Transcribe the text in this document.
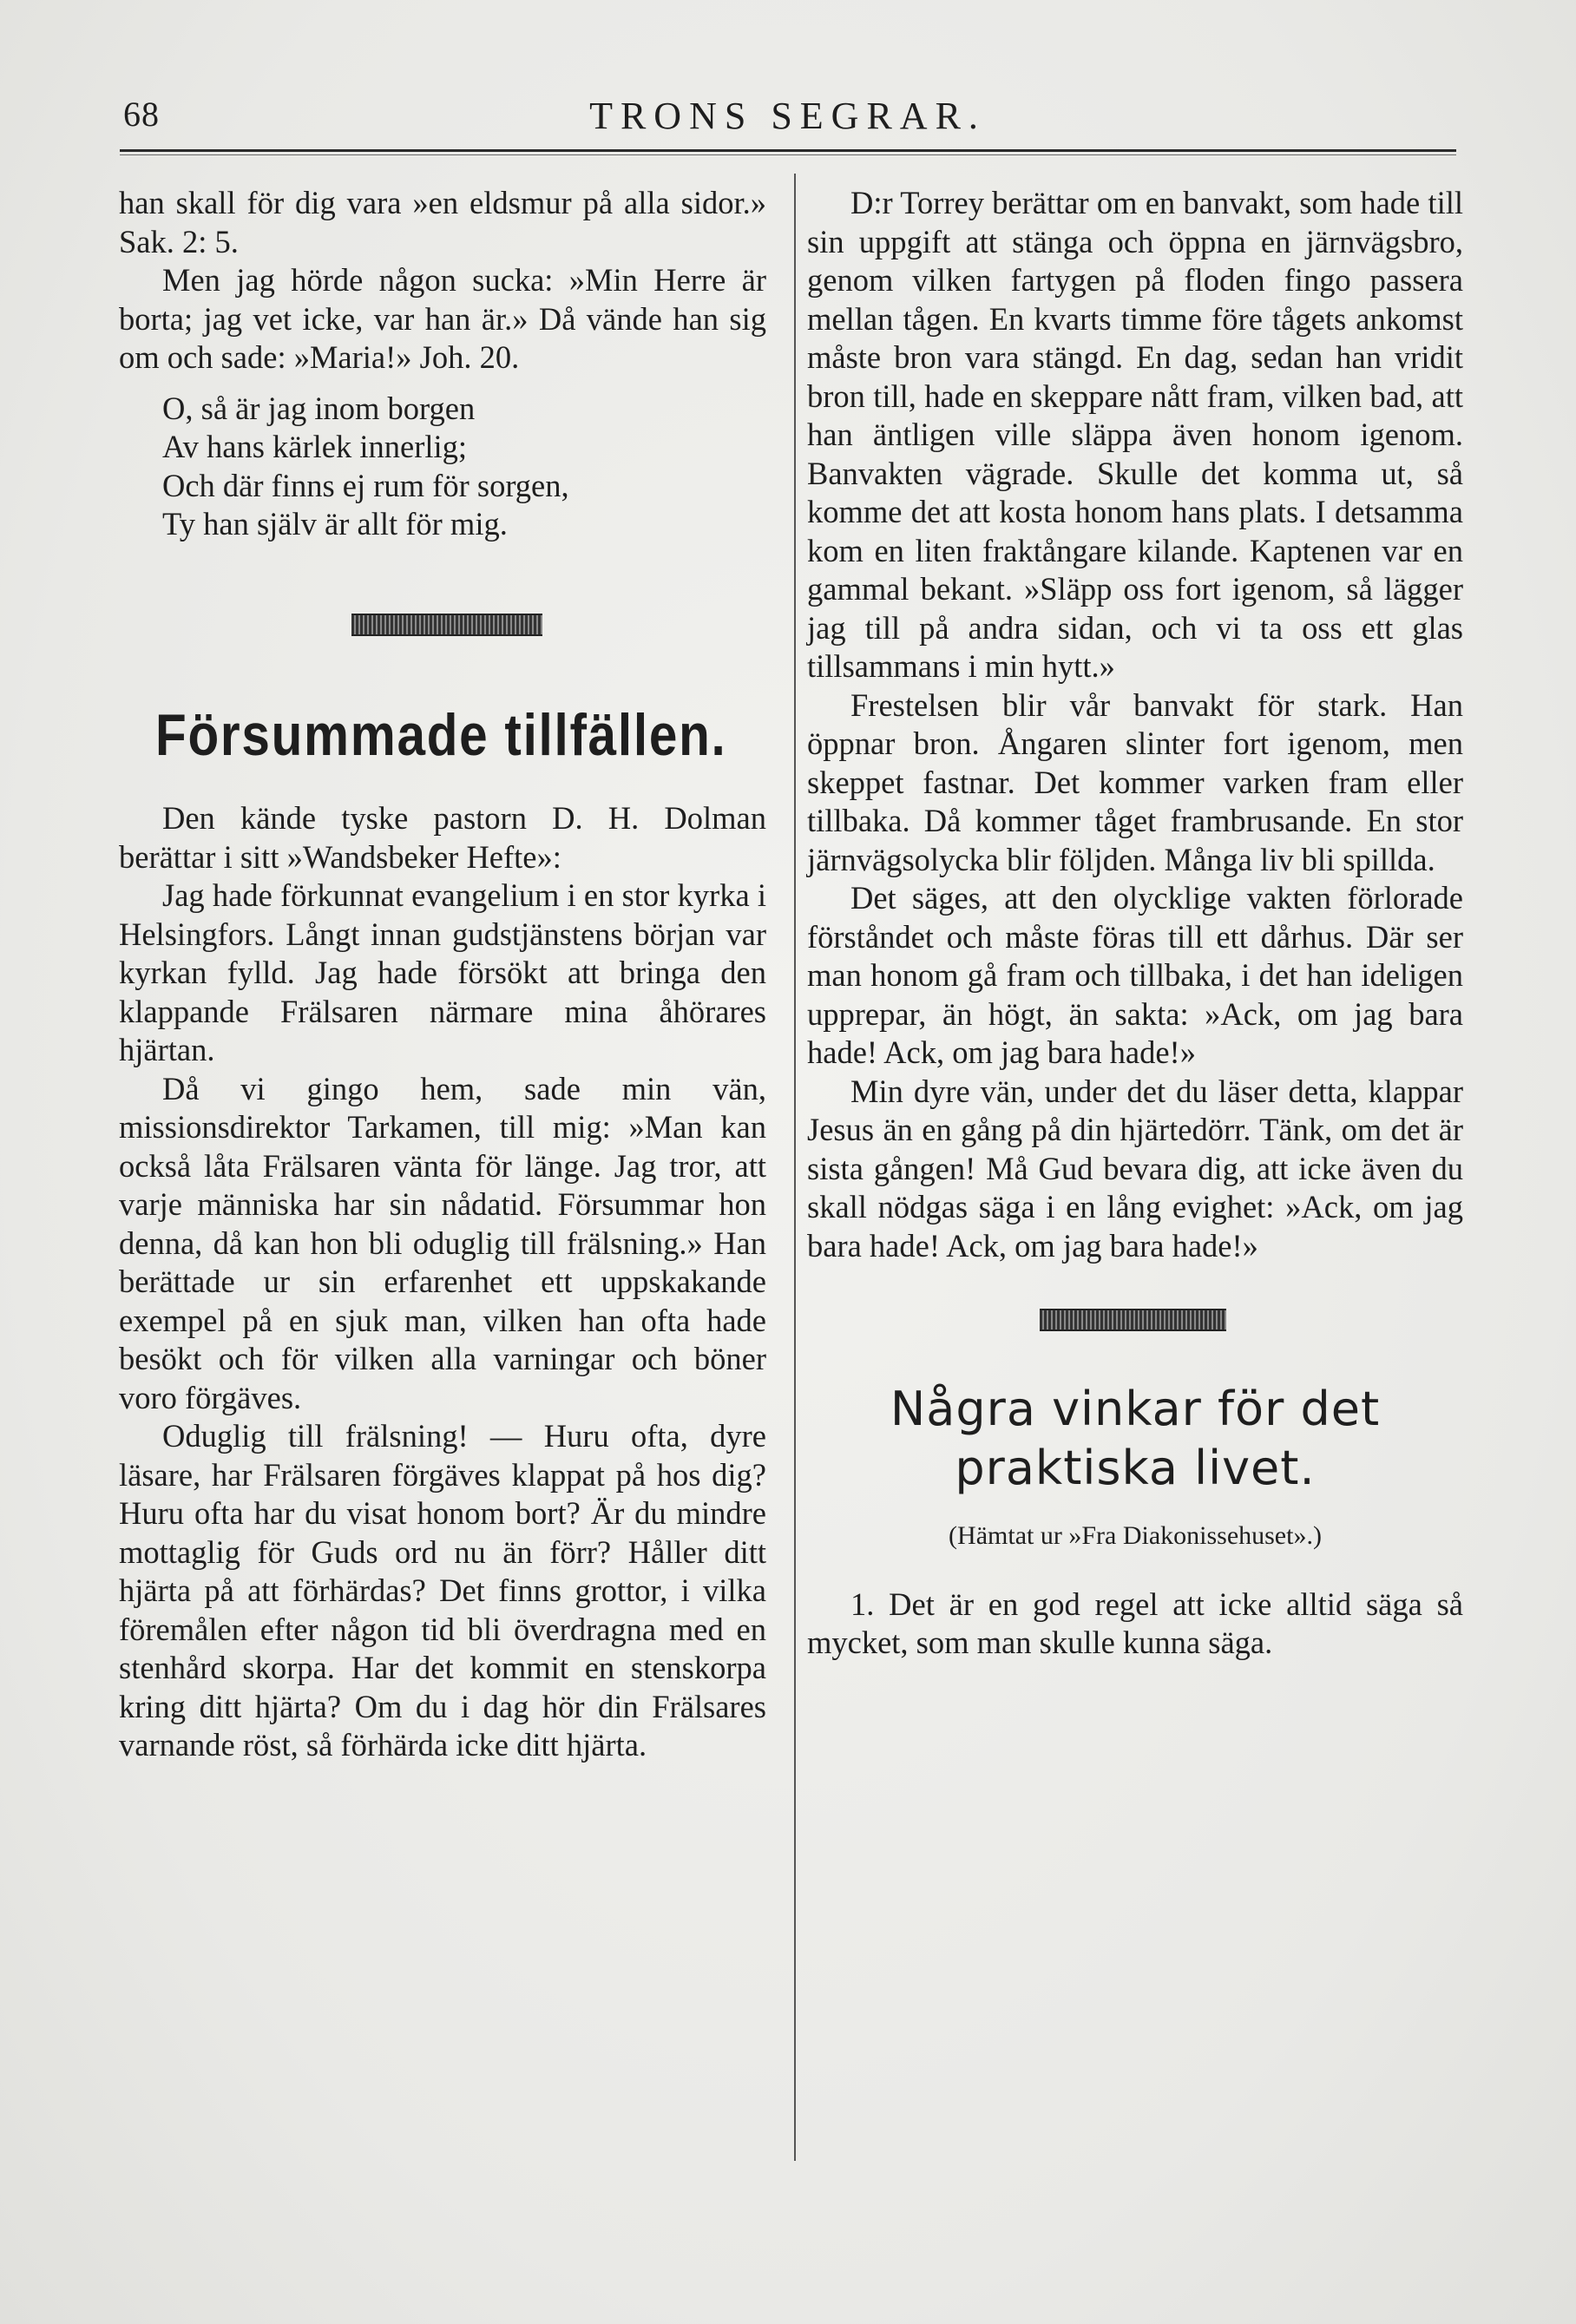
68	TRONS SEGRAR.

han skall för dig vara »en eldsmur på alla sidor.» Sak. 2: 5.

Men jag hörde någon sucka: »Min Herre är borta; jag vet icke, var han är.» Då vände han sig om och sade: »Maria!» Joh. 20.

O, så är jag inom borgen
Av hans kärlek innerlig;
Och där finns ej rum för sorgen,
Ty han själv är allt för mig.
Försummade tillfällen.

Den kände tyske pastorn D. H. Dolman berättar i sitt »Wandsbeker Hefte»:

Jag hade förkunnat evangelium i en stor kyrka i Helsingfors. Långt innan gudstjänstens början var kyrkan fylld. Jag hade försökt att bringa den klappande Frälsaren närmare mina åhörares hjärtan.

Då vi gingo hem, sade min vän, missionsdirektor Tarkamen, till mig: »Man kan också låta Frälsaren vänta för länge. Jag tror, att varje människa har sin nådatid. Försummar hon denna, då kan hon bli oduglig till frälsning.» Han berättade ur sin erfarenhet ett uppskakande exempel på en sjuk man, vilken han ofta hade besökt och för vilken alla varningar och böner voro förgäves.

Oduglig till frälsning! — Huru ofta, dyre läsare, har Frälsaren förgäves klappat på hos dig? Huru ofta har du visat honom bort? Är du mindre mottaglig för Guds ord nu än förr? Håller ditt hjärta på att förhärdas? Det finns grottor, i vilka föremålen efter någon tid bli överdragna med en stenhård skorpa. Har det kommit en stenskorpa kring ditt hjärta? Om du i dag hör din Frälsares varnande röst, så förhärda icke ditt hjärta.

D:r Torrey berättar om en banvakt, som hade till sin uppgift att stänga och öppna en järnvägsbro, genom vilken fartygen på floden fingo passera mellan tågen. En kvarts timme före tågets ankomst måste bron vara stängd. En dag, sedan han vridit bron till, hade en skeppare nått fram, vilken bad, att han äntligen ville släppa även honom igenom. Banvakten vägrade. Skulle det komma ut, så komme det att kosta honom hans plats. I detsamma kom en liten fraktångare kilande. Kaptenen var en gammal bekant. »Släpp oss fort igenom, så lägger jag till på andra sidan, och vi ta oss ett glas tillsammans i min hytt.»

Frestelsen blir vår banvakt för stark. Han öppnar bron. Ångaren slinter fort igenom, men skeppet fastnar. Det kommer varken fram eller tillbaka. Då kommer tåget frambrusande. En stor järnvägsolycka blir följden. Många liv bli spillda.

Det säges, att den olycklige vakten förlorade förståndet och måste föras till ett dårhus. Där ser man honom gå fram och tillbaka, i det han ideligen upprepar, än högt, än sakta: »Ack, om jag bara hade! Ack, om jag bara hade!»

Min dyre vän, under det du läser detta, klappar Jesus än en gång på din hjärtedörr. Tänk, om det är sista gången! Må Gud bevara dig, att icke även du skall nödgas säga i en lång evighet: »Ack, om jag bara hade! Ack, om jag bara hade!»

Några vinkar för det praktiska livet.
(Hämtat ur »Fra Diakonissehuset».)

1. Det är en god regel att icke alltid säga så mycket, som man skulle kunna säga.
